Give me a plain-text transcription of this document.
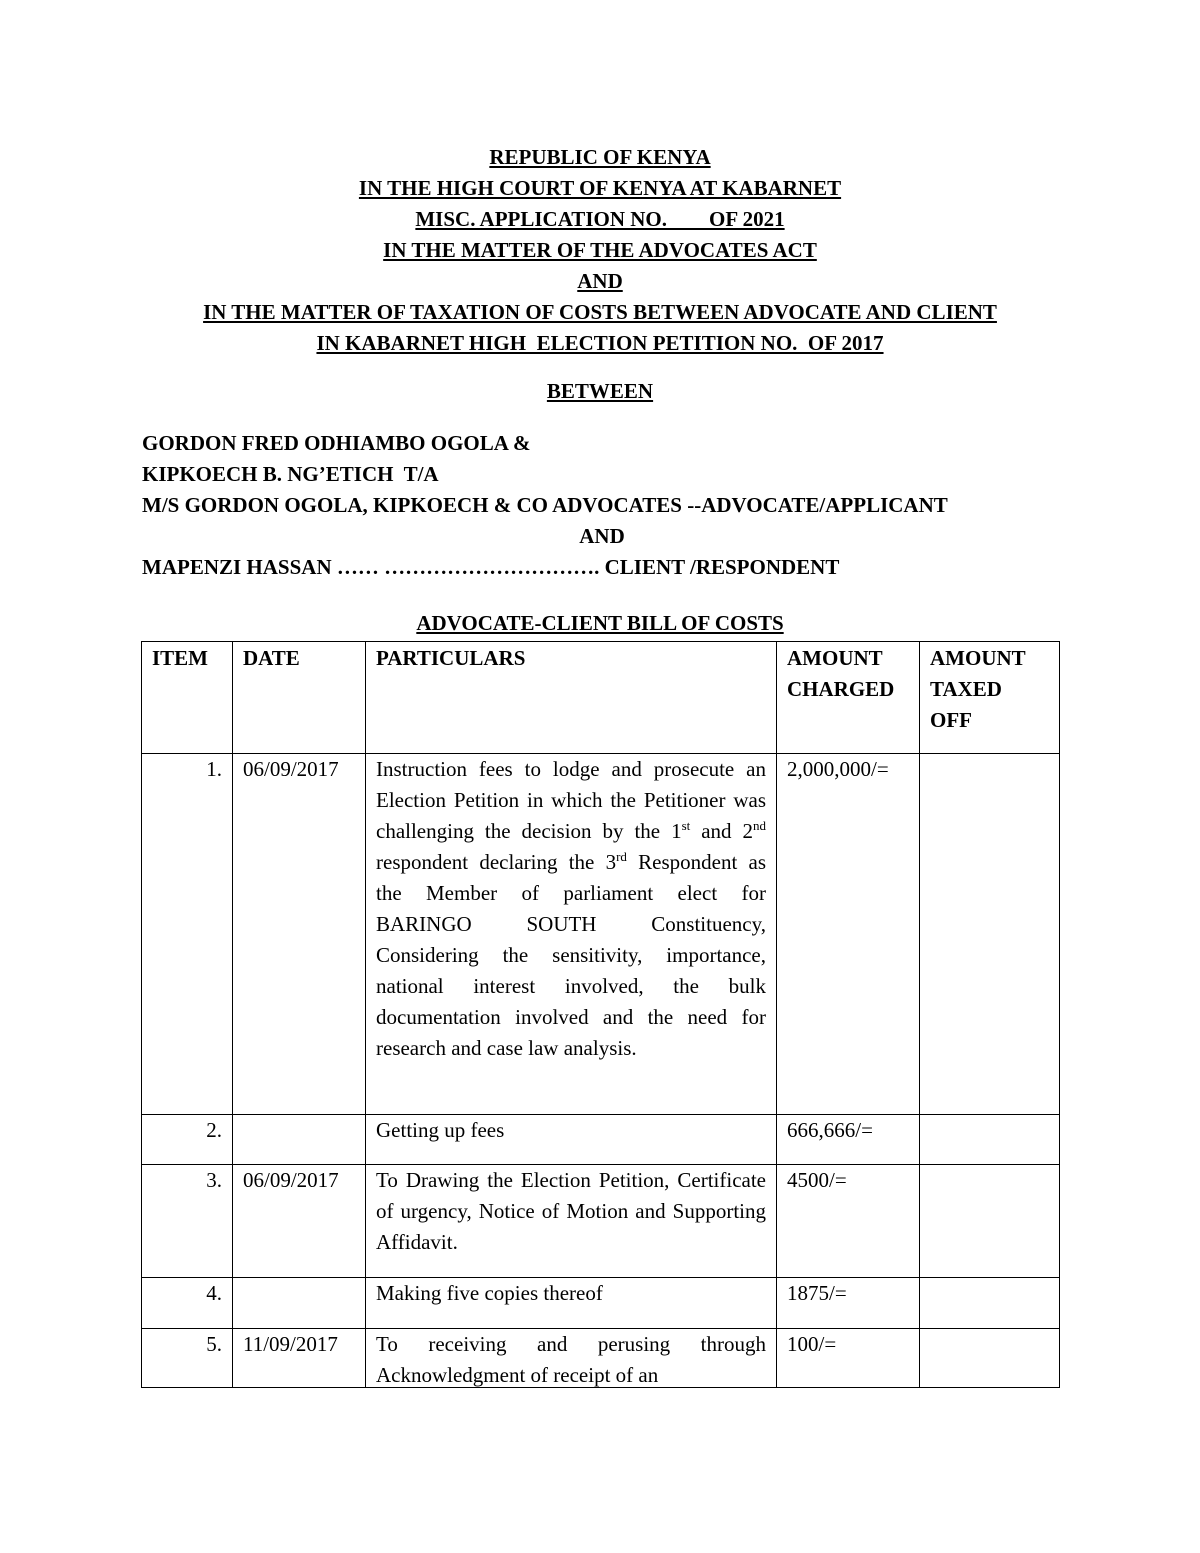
REPUBLIC OF KENYA
IN THE HIGH COURT OF KENYA AT KABARNET
MISC. APPLICATION NO.        OF 2021
IN THE MATTER OF THE ADVOCATES ACT
AND
IN THE MATTER OF TAXATION OF COSTS BETWEEN ADVOCATE AND CLIENT
IN KABARNET HIGH  ELECTION PETITION NO.  OF 2017
BETWEEN
GORDON FRED ODHIAMBO OGOLA &
KIPKOECH B. NG’ETICH  T/A
M/S GORDON OGOLA, KIPKOECH & CO ADVOCATES --ADVOCATE/APPLICANT
AND
MAPENZI HASSAN …… …………………………. CLIENT /RESPONDENT
ADVOCATE-CLIENT BILL OF COSTS
ITEM	DATE	PARTICULARS	AMOUNT CHARGED	AMOUNT TAXED OFF
1.	06/09/2017	Instruction fees to lodge and prosecute an Election Petition in which the Petitioner was challenging the decision by the 1st and 2nd respondent declaring the 3rd Respondent as the Member of parliament elect for BARINGO SOUTH Constituency, Considering the sensitivity, importance, national interest involved, the bulk documentation involved and the need for research and case law analysis.	2,000,000/=	
2.		Getting up fees	666,666/=	
3.	06/09/2017	To Drawing the Election Petition, Certificate of urgency, Notice of Motion and Supporting Affidavit.	4500/=	
4.		Making five copies thereof	1875/=	
5.	11/09/2017	To receiving and perusing through Acknowledgment of receipt of an	100/=	
